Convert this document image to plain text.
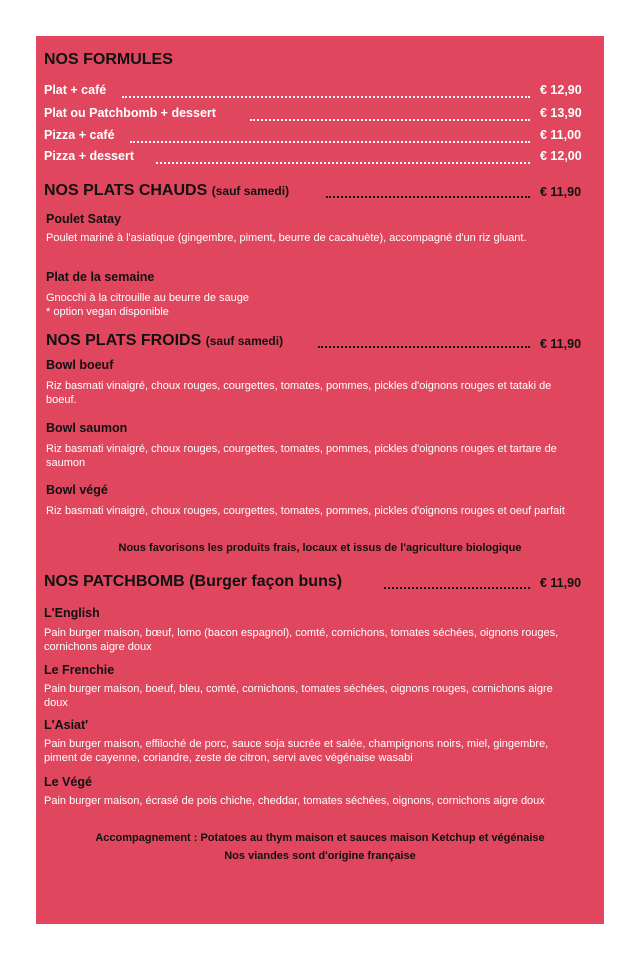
NOS FORMULES
Plat + café	€ 12,90
Plat ou Patchbomb + dessert	€ 13,90
Pizza + café	€ 11,00
Pizza + dessert	€ 12,00
NOS PLATS CHAUDS (sauf samedi)	€ 11,90
Poulet Satay
Poulet mariné à l'asiatique (gingembre, piment, beurre de cacahuète), accompagné d'un riz gluant.
Plat de la semaine
Gnocchi à la citrouille au beurre de sauge
* option vegan disponible
NOS PLATS FROIDS (sauf samedi)	€ 11,90
Bowl boeuf
Riz basmati vinaigré, choux rouges, courgettes, tomates, pommes, pickles d'oignons rouges et tataki de boeuf.
Bowl saumon
Riz basmati vinaigré, choux rouges, courgettes, tomates, pommes, pickles d'oignons rouges et tartare de saumon
Bowl végé
Riz basmati vinaigré, choux rouges, courgettes, tomates, pommes, pickles d'oignons rouges et oeuf parfait
Nous favorisons les produits frais, locaux et issus de l'agriculture biologique
NOS PATCHBOMB (Burger façon buns)	€ 11,90
L'English
Pain burger maison, bœuf, lomo (bacon espagnol), comté, cornichons, tomates séchées, oignons rouges, cornichons aigre doux
Le Frenchie
Pain burger maison, boeuf, bleu, comté, cornichons, tomates séchées, oignons rouges, cornichons aigre doux
L'Asiat'
Pain burger maison, effiloché de porc, sauce soja sucrée et salée, champignons noirs, miel, gingembre, piment de cayenne, coriandre, zeste de citron, servi avec végénaise wasabi
Le Végé
Pain burger maison, écrasé de pois chiche, cheddar, tomates séchées, oignons, cornichons aigre doux
Accompagnement : Potatoes au thym maison et sauces maison Ketchup et végénaise
Nos viandes sont d'origine française
